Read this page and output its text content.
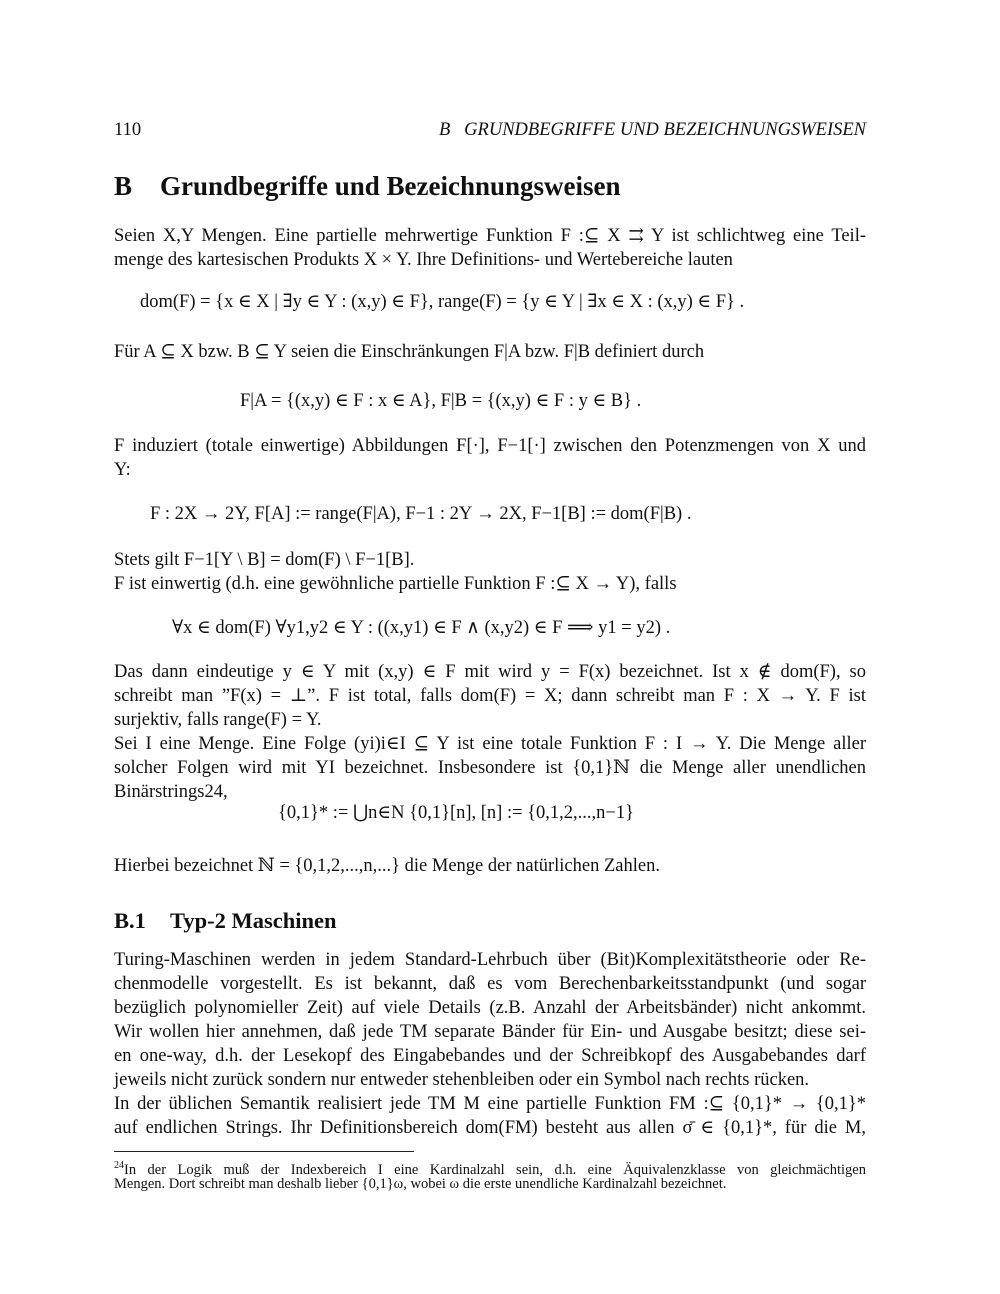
110	B   GRUNDBEGRIFFE UND BEZEICHNUNGSWEISEN
B Grundbegriffe und Bezeichnungsweisen
Seien X,Y Mengen. Eine partielle mehrwertige Funktion F :⊆ X ⇉ Y ist schlichtweg eine Teil-
menge des kartesischen Produkts X × Y. Ihre Definitions- und Wertebereiche lauten
dom(F) = {x ∈ X | ∃y ∈ Y : (x,y) ∈ F}, range(F) = {y ∈ Y | ∃x ∈ X : (x,y) ∈ F} .
Für A ⊆ X bzw. B ⊆ Y seien die Einschränkungen F|A bzw. F|B definiert durch
F|A = {(x,y) ∈ F : x ∈ A}, F|B = {(x,y) ∈ F : y ∈ B} .
F induziert (totale einwertige) Abbildungen F[·], F−1[·] zwischen den Potenzmengen von X und
Y:
F : 2X → 2Y, F[A] := range(F|A), F−1 : 2Y → 2X, F−1[B] := dom(F|B) .
Stets gilt F−1[Y \ B] = dom(F) \ F−1[B].
F ist einwertig (d.h. eine gewöhnliche partielle Funktion F :⊆ X → Y), falls
∀x ∈ dom(F) ∀y1,y2 ∈ Y : ((x,y1) ∈ F ∧ (x,y2) ∈ F ⟹ y1 = y2) .
Das dann eindeutige y ∈ Y mit (x,y) ∈ F mit wird y = F(x) bezeichnet. Ist x ∉ dom(F), so
schreibt man ”F(x) = ⊥”. F ist total, falls dom(F) = X; dann schreibt man F : X → Y. F ist
surjektiv, falls range(F) = Y.
Sei I eine Menge. Eine Folge (yi)i∈I ⊆ Y ist eine totale Funktion F : I → Y. Die Menge aller
solcher Folgen wird mit YI bezeichnet. Insbesondere ist {0,1}ℕ die Menge aller unendlichen
Binärstrings24,
{0,1}* := ⋃n∈N {0,1}[n], [n] := {0,1,2,...,n−1}
Hierbei bezeichnet ℕ = {0,1,2,...,n,...} die Menge der natürlichen Zahlen.
B.1 Typ-2 Maschinen
Turing-Maschinen werden in jedem Standard-Lehrbuch über (Bit)Komplexitätstheorie oder Re-
chenmodelle vorgestellt. Es ist bekannt, daß es vom Berechenbarkeitsstandpunkt (und sogar
bezüglich polynomieller Zeit) auf viele Details (z.B. Anzahl der Arbeitsbänder) nicht ankommt.
Wir wollen hier annehmen, daß jede TM separate Bänder für Ein- und Ausgabe besitzt; diese sei-
en one-way, d.h. der Lesekopf des Eingabebandes und der Schreibkopf des Ausgabebandes darf
jeweils nicht zurück sondern nur entweder stehenbleiben oder ein Symbol nach rechts rücken.
In der üblichen Semantik realisiert jede TM M eine partielle Funktion FM :⊆ {0,1}* → {0,1}*
auf endlichen Strings. Ihr Definitionsbereich dom(FM) besteht aus allen σ̄ ∈ {0,1}*, für die M,
$^{24}$In der Logik muß der Indexbereich I eine Kardinalzahl sein, d.h. eine Äquivalenzklasse von gleichmächtigen
Mengen. Dort schreibt man deshalb lieber {0,1}ω, wobei ω die erste unendliche Kardinalzahl bezeichnet.
